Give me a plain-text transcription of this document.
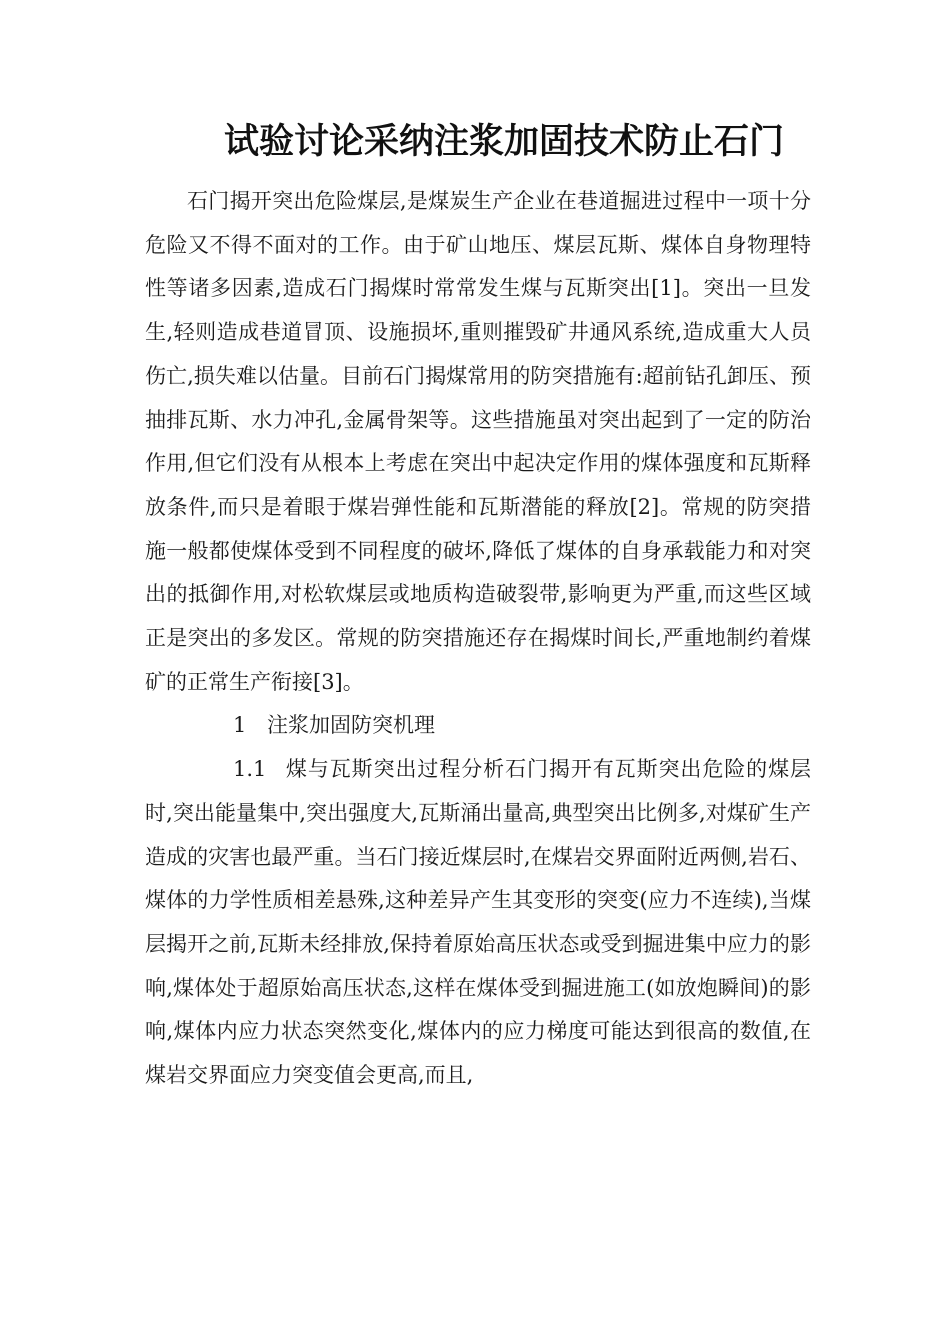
试验讨论采纳注浆加固技术防止石门

石门揭开突出危险煤层,是煤炭生产企业在巷道掘进过程中一项十分危险又不得不面对的工作。由于矿山地压、煤层瓦斯、煤体自身物理特性等诸多因素,造成石门揭煤时常常发生煤与瓦斯突出[1]。突出一旦发生,轻则造成巷道冒顶、设施损坏,重则摧毁矿井通风系统,造成重大人员伤亡,损失难以估量。目前石门揭煤常用的防突措施有:超前钻孔卸压、预抽排瓦斯、水力冲孔,金属骨架等。这些措施虽对突出起到了一定的防治作用,但它们没有从根本上考虑在突出中起决定作用的煤体强度和瓦斯释放条件,而只是着眼于煤岩弹性能和瓦斯潜能的释放[2]。常规的防突措施一般都使煤体受到不同程度的破坏,降低了煤体的自身承载能力和对突出的抵御作用,对松软煤层或地质构造破裂带,影响更为严重,而这些区域正是突出的多发区。常规的防突措施还存在揭煤时间长,严重地制约着煤矿的正常生产衔接[3]。

1 注浆加固防突机理

1.1 煤与瓦斯突出过程分析石门揭开有瓦斯突出危险的煤层时,突出能量集中,突出强度大,瓦斯涌出量高,典型突出比例多,对煤矿生产造成的灾害也最严重。当石门接近煤层时,在煤岩交界面附近两侧,岩石、煤体的力学性质相差悬殊,这种差异产生其变形的突变(应力不连续),当煤层揭开之前,瓦斯未经排放,保持着原始高压状态或受到掘进集中应力的影响,煤体处于超原始高压状态,这样在煤体受到掘进施工(如放炮瞬间)的影响,煤体内应力状态突然变化,煤体内的应力梯度可能达到很高的数值,在煤岩交界面应力突变值会更高,而且,
